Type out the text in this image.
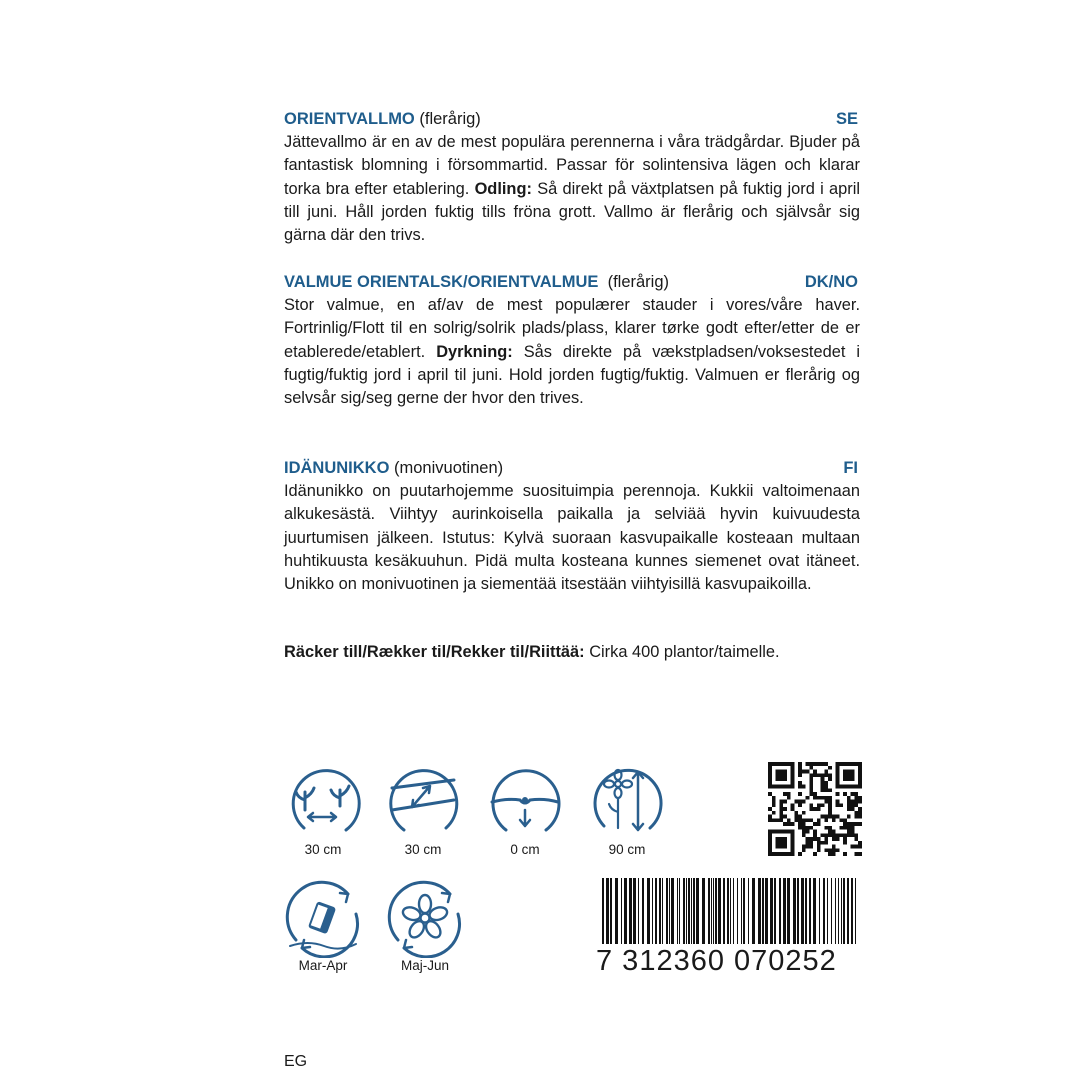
ORIENTVALLMO (flerårig)	SE
Jättevallmo är en av de mest populära perennerna i våra trädgårdar. Bjuder på fantastisk blomning i försommartid. Passar för solintensiva lägen och klarar torka bra efter etablering. Odling: Så direkt på växtplatsen på fuktig jord i april till juni. Håll jorden fuktig tills fröna grott. Vallmo är flerårig och självsår sig gärna där den trivs.
VALMUE ORIENTALSK/ORIENTVALMUE (flerårig)	DK/NO
Stor valmue, en af/av de mest populærer stauder i vores/våre haver. Fortrinlig/Flott til en solrig/solrik plads/plass, klarer tørke godt efter/etter de er etablerede/etablert. Dyrkning: Sås direkte på vækstpladsen/voksestedet i fugtig/fuktig jord i april til juni. Hold jorden fugtig/fuktig. Valmuen er flerårig og selvsår sig/seg gerne der hvor den trives.
IDÄNUNIKKO (monivuotinen)	FI
Idänunikko on puutarhojemme suosituimpia perennoja. Kukkii valtoimenaan alkukesästä. Viihtyy aurinkoisella paikalla ja selviää hyvin kuivuudesta juurtumisen jälkeen. Istutus: Kylvä suoraan kasvupaikalle kosteaan multaan huhtikuusta kesäkuuhun. Pidä multa kosteana kunnes siemenet ovat itäneet. Unikko on monivuotinen ja siementää itsestään viihtyisillä kasvupaikoilla.
Räcker till/Rækker til/Rekker til/Riittää: Cirka 400 plantor/taimelle.
30 cm	30 cm	0 cm	90 cm
Mar-Apr	Maj-Jun	7 312360 070252
EG
